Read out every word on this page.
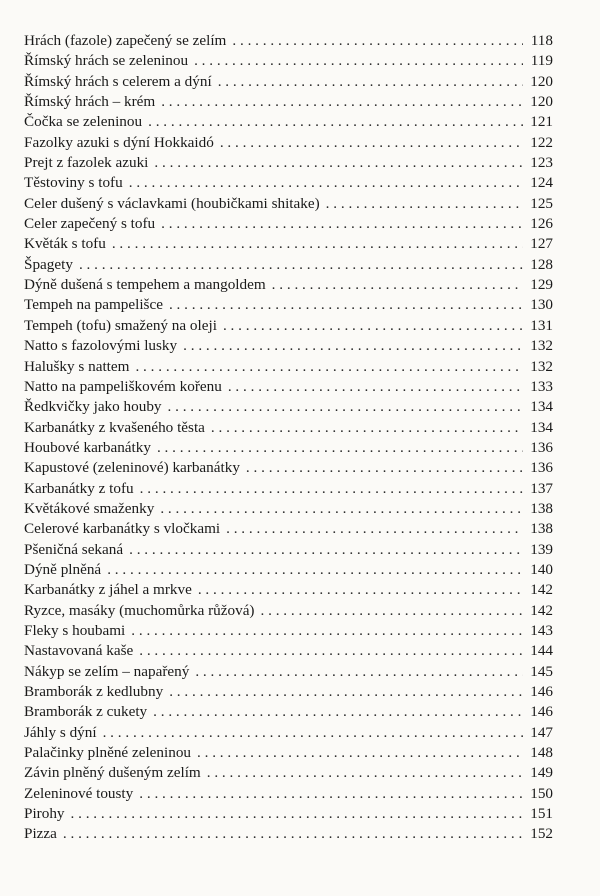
Hrách (fazole) zapečený se zelím . . .	118
Římský hrách se zeleninou . . .	119
Římský hrách s celerem a dýní . . .	120
Římský hrách – krém . . .	120
Čočka se zeleninou . . .	121
Fazolky azuki s dýní Hokkaidó . . .	122
Prejt z fazolek azuki . . .	123
Těstoviny s tofu . . .	124
Celer dušený s václavkami (houbičkami shitake) . . .	125
Celer zapečený s tofu . . .	126
Květák s tofu . . .	127
Špagety . . .	128
Dýně dušená s tempehem a mangoldem . . .	129
Tempeh na pampelišce . . .	130
Tempeh (tofu) smažený na oleji . . .	131
Natto s fazolovými lusky . . .	132
Halušky s nattem . . .	132
Natto na pampeliškovém kořenu . . .	133
Ředkvičky jako houby . . .	134
Karbanátky z kvašeného těsta . . .	134
Houbové karbanátky . . .	136
Kapustové (zeleninové) karbanátky . . .	136
Karbanátky z tofu . . .	137
Květákové smaženky . . .	138
Celerové karbanátky s vločkami . . .	138
Pšeničná sekaná . . .	139
Dýně plněná . . .	140
Karbanátky z jáhel a mrkve . . .	142
Ryzce, masáky (muchomůrka růžová) . . .	142
Fleky s houbami . . .	143
Nastavovaná kaše . . .	144
Nákyp se zelím – napařený . . .	145
Bramborák z kedlubny . . .	146
Bramborák z cukety . . .	146
Jáhly s dýní . . .	147
Palačinky plněné zeleninou . . .	148
Závin plněný dušeným zelím . . .	149
Zeleninové tousty . . .	150
Pirohy . . .	151
Pizza . . .	152
